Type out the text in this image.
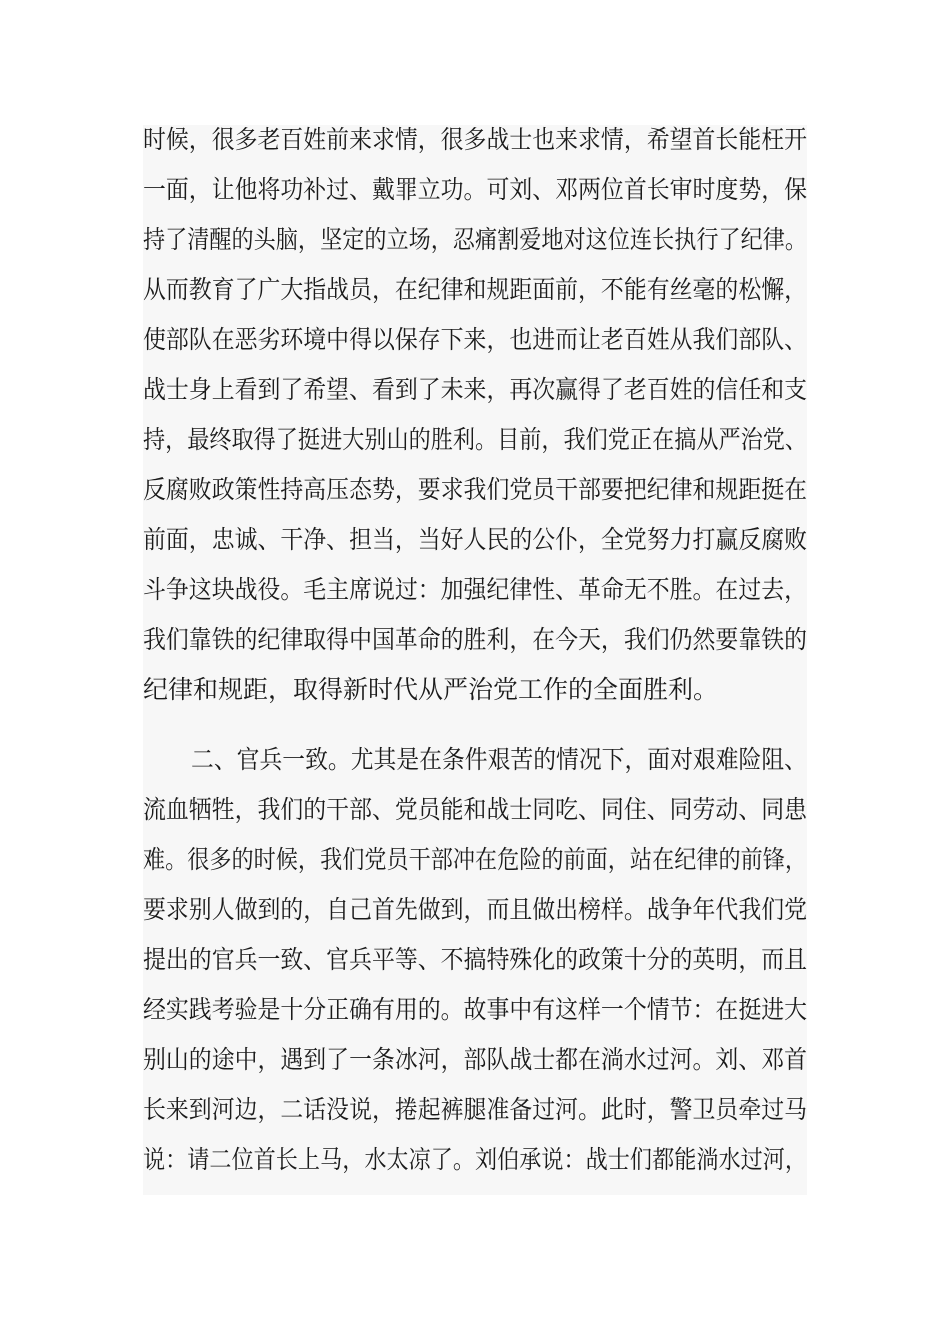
时候，很多老百姓前来求情，很多战士也来求情，希望首长能枉开
一面，让他将功补过、戴罪立功。可刘、邓两位首长审时度势，保
持了清醒的头脑，坚定的立场，忍痛割爱地对这位连长执行了纪律。
从而教育了广大指战员，在纪律和规距面前，不能有丝毫的松懈，
使部队在恶劣环境中得以保存下来，也进而让老百姓从我们部队、
战士身上看到了希望、看到了未来，再次赢得了老百姓的信任和支
持，最终取得了挺进大别山的胜利。目前，我们党正在搞从严治党、
反腐败政策性持高压态势，要求我们党员干部要把纪律和规距挺在
前面，忠诚、干净、担当，当好人民的公仆，全党努力打赢反腐败
斗争这块战役。毛主席说过：加强纪律性、革命无不胜。在过去，
我们靠铁的纪律取得中国革命的胜利，在今天，我们仍然要靠铁的
纪律和规距，取得新时代从严治党工作的全面胜利。
二、官兵一致。尤其是在条件艰苦的情况下，面对艰难险阻、
流血牺牲，我们的干部、党员能和战士同吃、同住、同劳动、同患
难。很多的时候，我们党员干部冲在危险的前面，站在纪律的前锋，
要求别人做到的，自己首先做到，而且做出榜样。战争年代我们党
提出的官兵一致、官兵平等、不搞特殊化的政策十分的英明，而且
经实践考验是十分正确有用的。故事中有这样一个情节：在挺进大
别山的途中，遇到了一条冰河，部队战士都在淌水过河。刘、邓首
长来到河边，二话没说，捲起裤腿准备过河。此时，警卫员牵过马
说：请二位首长上马，水太凉了。刘伯承说：战士们都能淌水过河，
